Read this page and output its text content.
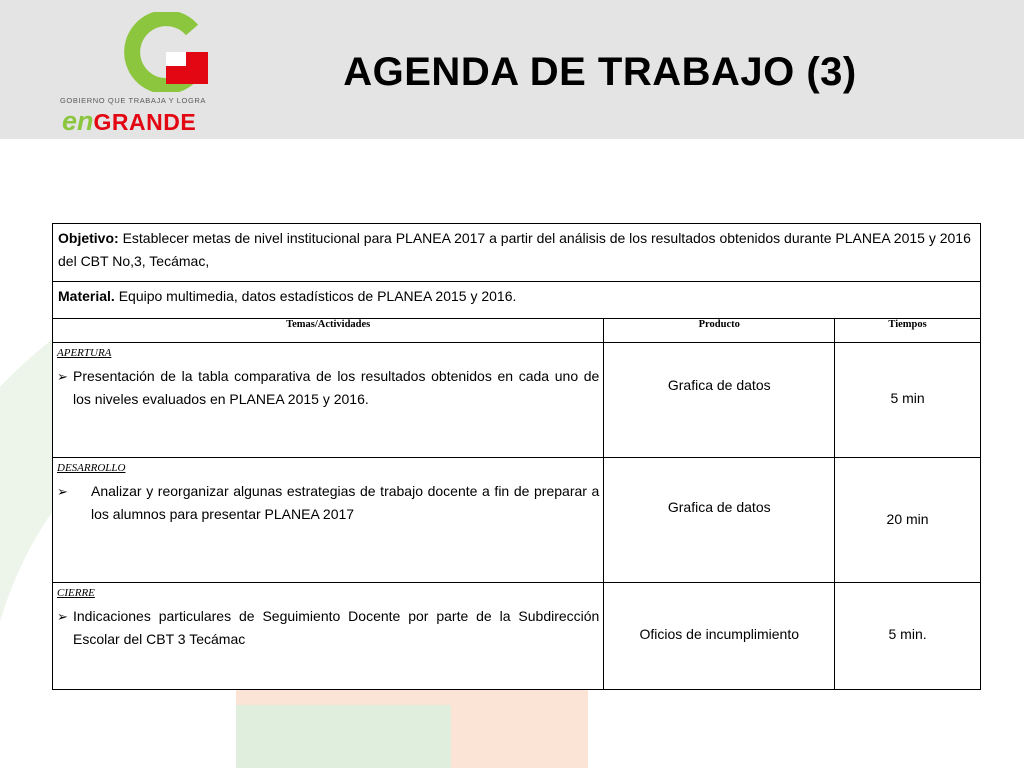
GOBIERNO QUE TRABAJA Y LOGRA
enGRANDE
AGENDA DE TRABAJO (3)
Objetivo: Establecer metas de nivel institucional para PLANEA 2017 a partir del análisis de los resultados obtenidos durante PLANEA 2015 y 2016 del CBT No,3, Tecámac,		
Material. Equipo multimedia, datos estadísticos de PLANEA 2015 y 2016.		
Temas/Actividades	Producto	Tiempos

APERTURA
➢ Presentación de la tabla comparativa de los resultados obtenidos en cada uno de los niveles evaluados en PLANEA 2015 y 2016.	Grafica de datos	5 min

DESARROLLO
➢ Analizar y reorganizar algunas estrategias de trabajo docente a fin de preparar a los alumnos para presentar PLANEA 2017	Grafica de datos	20 min

CIERRE
➢ Indicaciones particulares de Seguimiento Docente por parte de la Subdirección Escolar del CBT 3 Tecámac	Oficios de incumplimiento	5 min.
